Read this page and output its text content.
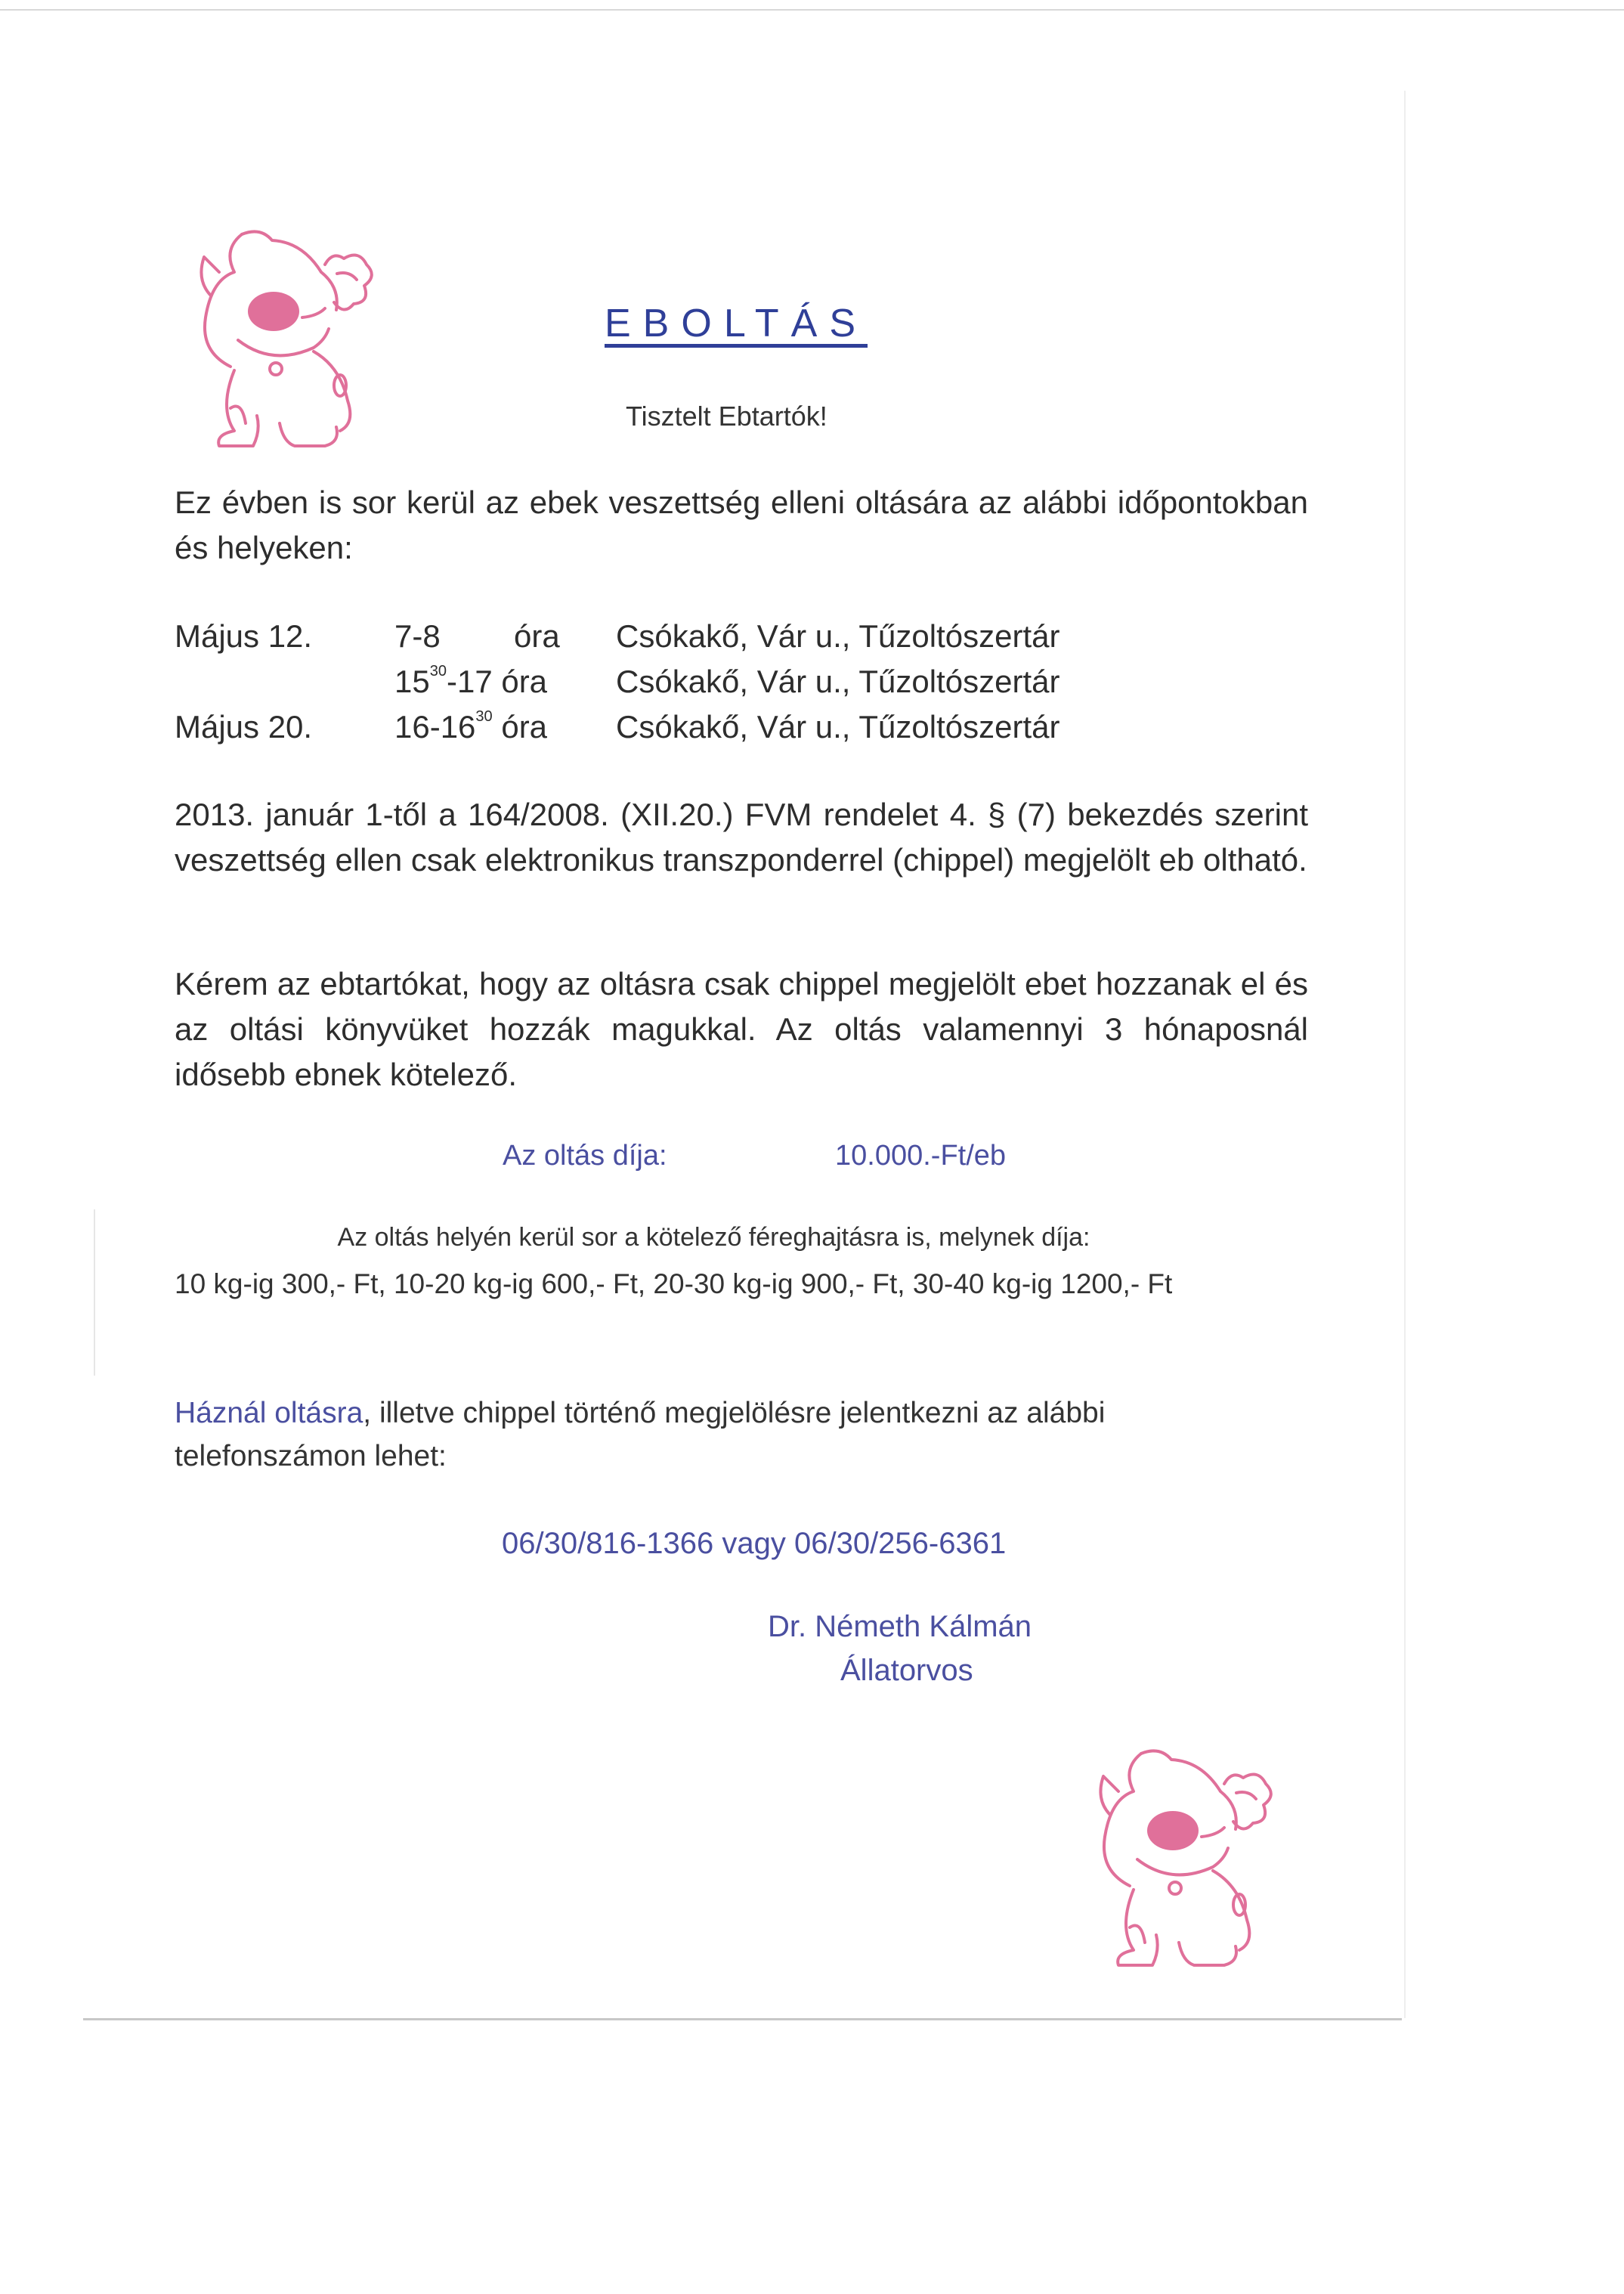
EBOLTÁS
Tisztelt Ebtartók!
Ez évben is sor kerül az ebek veszettség elleni oltására az alábbi időpontokban és helyeken:
Május 12.	7-8 óra Csókakő, Vár u., Tűzoltószertár
$15^{30}-17$ óra Csókakő, Vár u., Tűzoltószertár
Május 20.	$16-16^{30}$ óra Csókakő, Vár u., Tűzoltószertár
2013. január 1-től a 164/2008. (XII.20.) FVM rendelet 4. § (7) bekezdés szerint veszettség ellen csak elektronikus transzponderrel (chippel) megjelölt eb oltható.
Kérem az ebtartókat, hogy az oltásra csak chippel megjelölt ebet hozzanak el és az oltási könyvüket hozzák magukkal. Az oltás valamennyi 3 hónaposnál idősebb ebnek kötelező.
Az oltás díja:	10.000.-Ft/eb
Az oltás helyén kerül sor a kötelező féreghajtásra is, melynek díja:
10 kg-ig 300,- Ft, 10-20 kg-ig 600,- Ft, 20-30 kg-ig 900,- Ft, 30-40 kg-ig 1200,- Ft
Háznál oltásra, illetve chippel történő megjelölésre jelentkezni az alábbi
telefonszámon lehet:
06/30/816-1366 vagy 06/30/256-6361
Dr. Németh Kálmán
Állatorvos
